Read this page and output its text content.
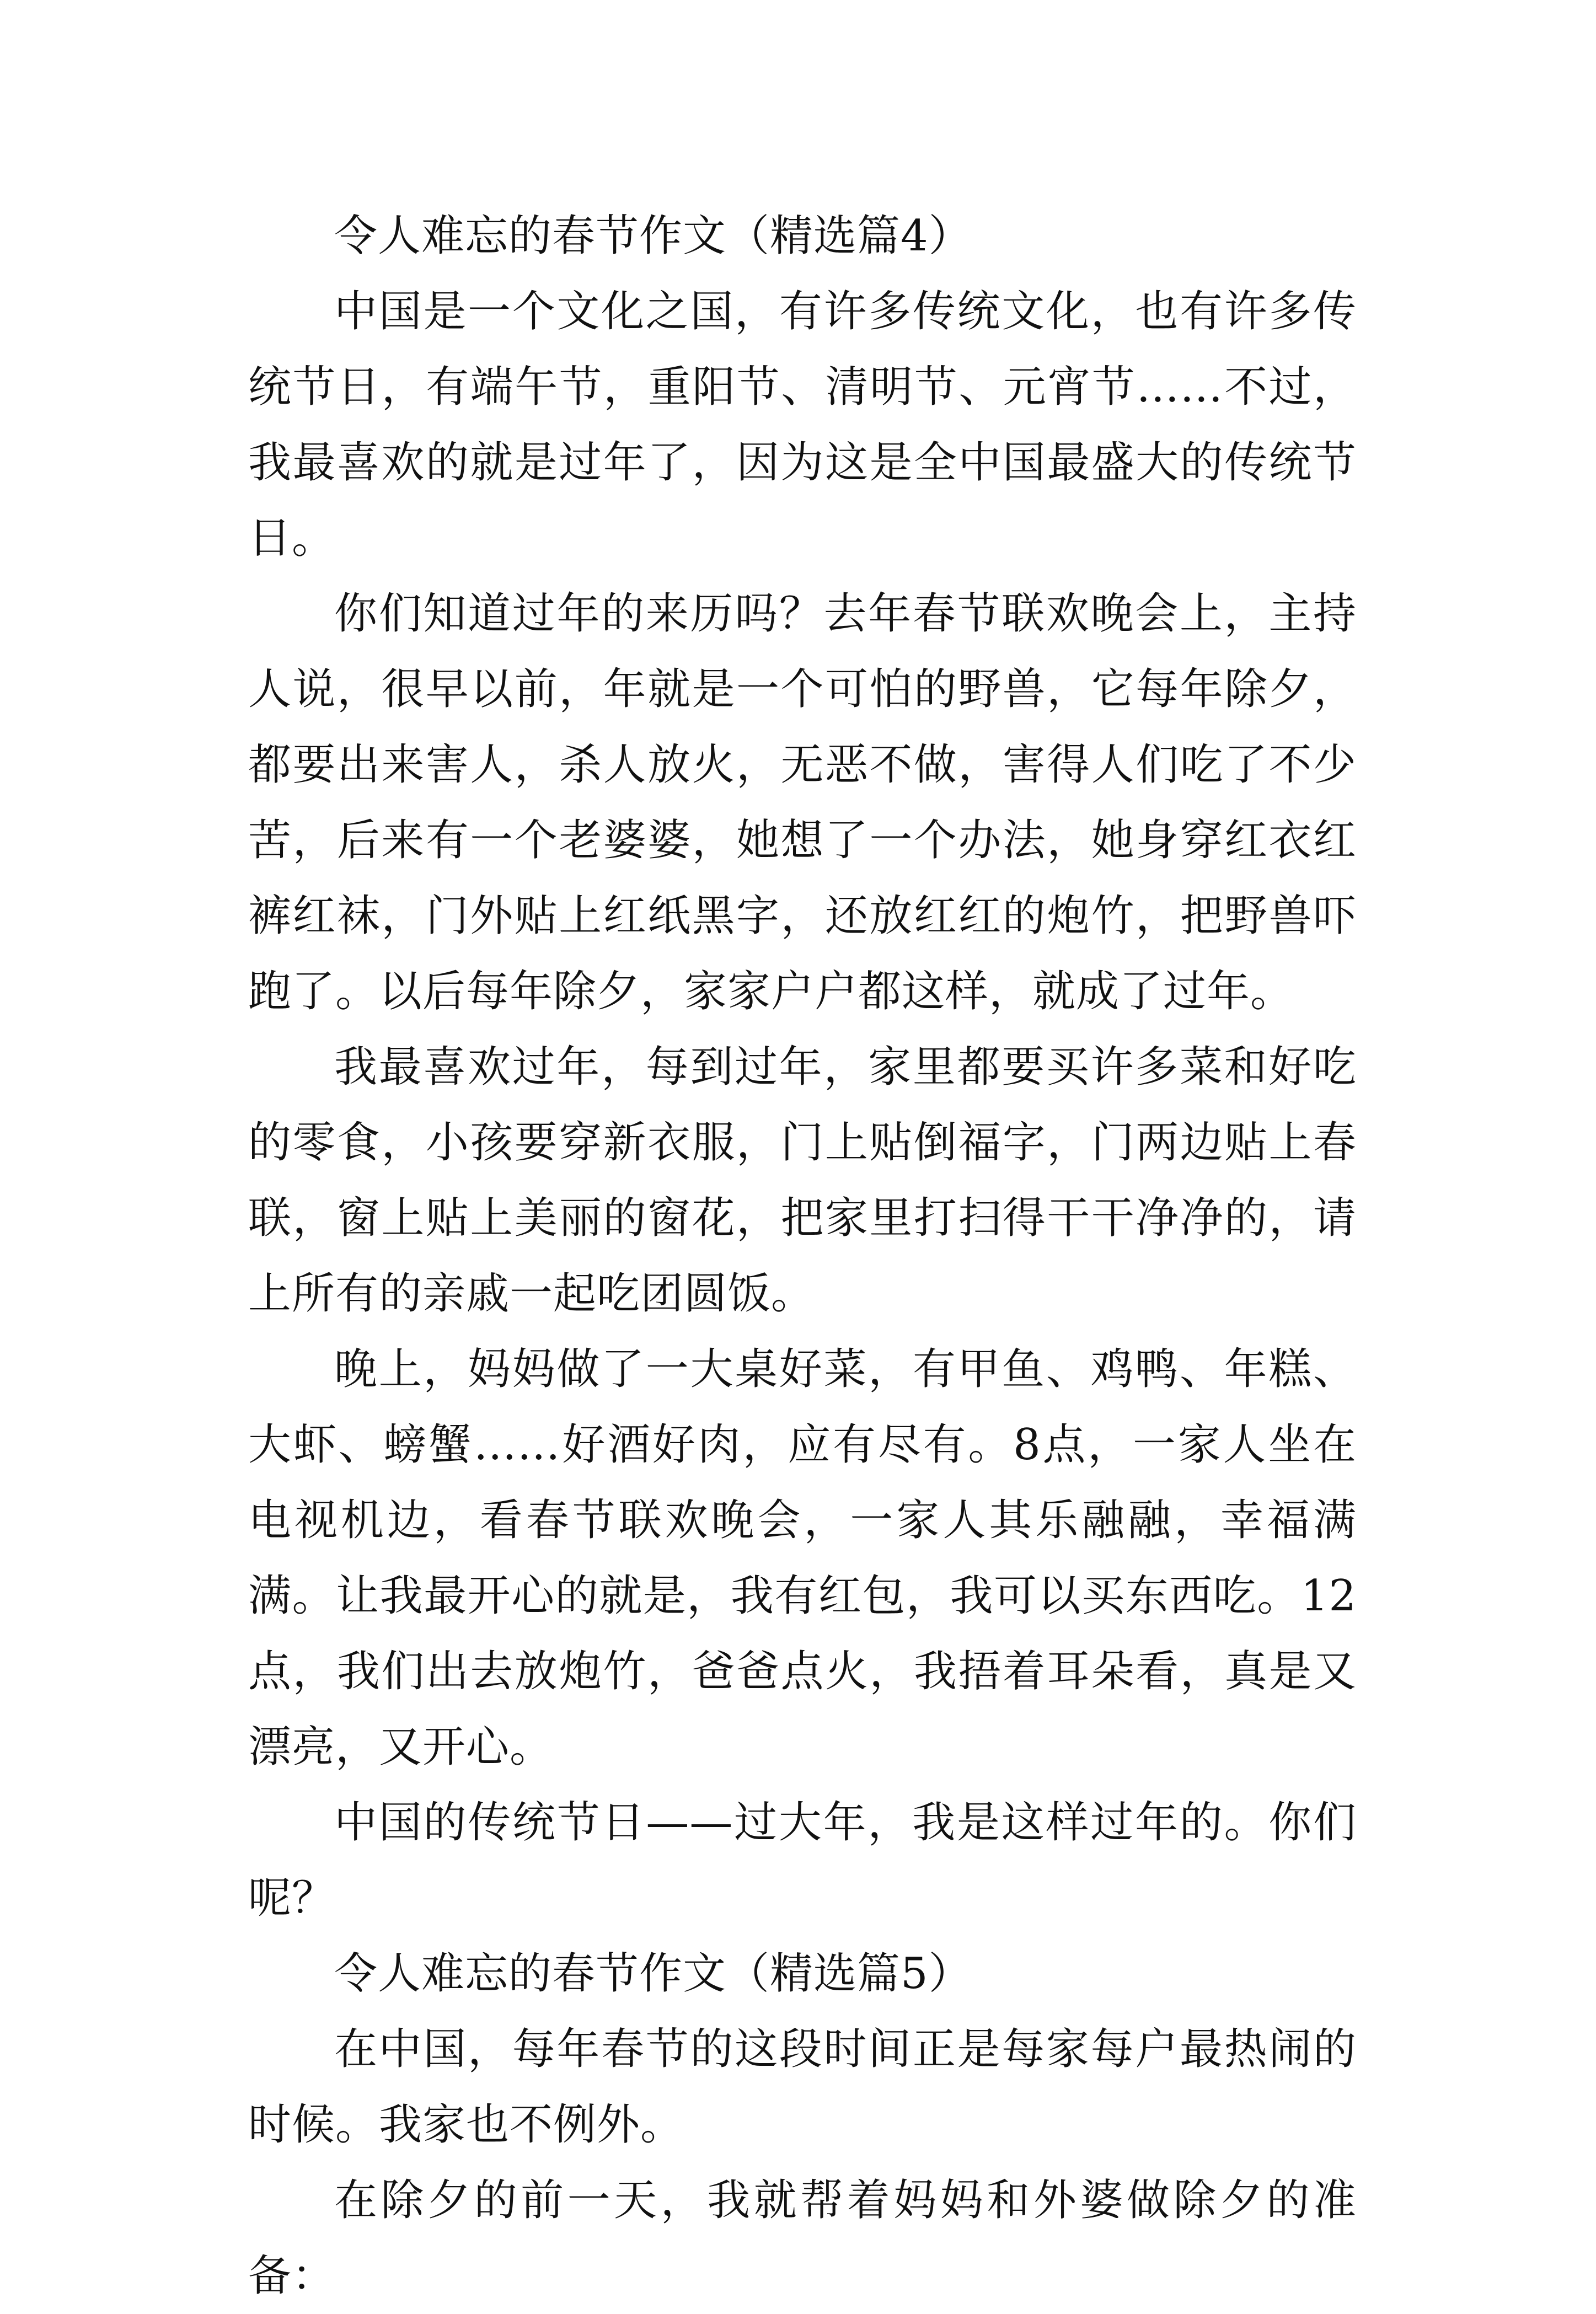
令人难忘的春节作文（精选篇4）

中国是一个文化之国，有许多传统文化，也有许多传统节日，有端午节，重阳节、清明节、元宵节……不过，我最喜欢的就是过年了，因为这是全中国最盛大的传统节日。

你们知道过年的来历吗？去年春节联欢晚会上，主持人说，很早以前，年就是一个可怕的野兽，它每年除夕，都要出来害人，杀人放火，无恶不做，害得人们吃了不少苦，后来有一个老婆婆，她想了一个办法，她身穿红衣红裤红袜，门外贴上红纸黑字，还放红红的炮竹，把野兽吓跑了。以后每年除夕，家家户户都这样，就成了过年。

我最喜欢过年，每到过年，家里都要买许多菜和好吃的零食，小孩要穿新衣服，门上贴倒福字，门两边贴上春联，窗上贴上美丽的窗花，把家里打扫得干干净净的，请上所有的亲戚一起吃团圆饭。

晚上，妈妈做了一大桌好菜，有甲鱼、鸡鸭、年糕、大虾、螃蟹……好酒好肉，应有尽有。8点，一家人坐在电视机边，看春节联欢晚会，一家人其乐融融，幸福满满。让我最开心的就是，我有红包，我可以买东西吃。12点，我们出去放炮竹，爸爸点火，我捂着耳朵看，真是又漂亮，又开心。

中国的传统节日——过大年，我是这样过年的。你们呢？

令人难忘的春节作文（精选篇5）

在中国，每年春节的这段时间正是每家每户最热闹的时候。我家也不例外。

在除夕的前一天，我就帮着妈妈和外婆做除夕的准备：
